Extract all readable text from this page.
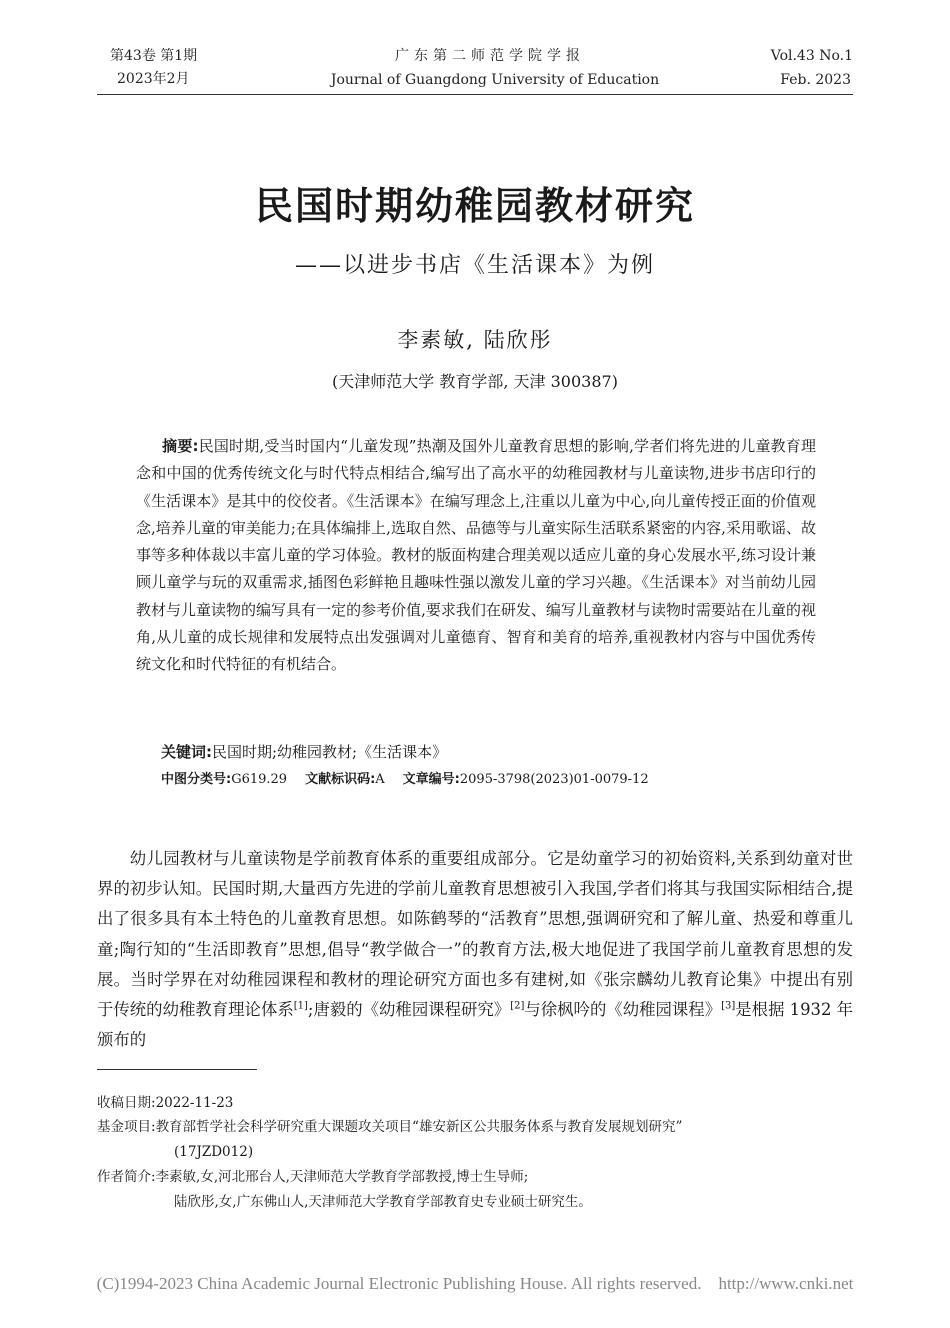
第43卷 第1期
2023年2月
广东第二师范学院学报
Journal of Guangdong University of Education
Vol.43 No.1
Feb. 2023
民国时期幼稚园教材研究
——以进步书店《生活课本》为例
李素敏, 陆欣彤
(天津师范大学 教育学部, 天津 300387)
摘要:民国时期,受当时国内“儿童发现”热潮及国外儿童教育思想的影响,学者们将先进的儿童教育理念和中国的优秀传统文化与时代特点相结合,编写出了高水平的幼稚园教材与儿童读物,进步书店印行的《生活课本》是其中的佼佼者。《生活课本》在编写理念上,注重以儿童为中心,向儿童传授正面的价值观念,培养儿童的审美能力;在具体编排上,选取自然、品德等与儿童实际生活联系紧密的内容,采用歌谣、故事等多种体裁以丰富儿童的学习体验。教材的版面构建合理美观以适应儿童的身心发展水平,练习设计兼顾儿童学与玩的双重需求,插图色彩鲜艳且趣味性强以激发儿童的学习兴趣。《生活课本》对当前幼儿园教材与儿童读物的编写具有一定的参考价值,要求我们在研发、编写儿童教材与读物时需要站在儿童的视角,从儿童的成长规律和发展特点出发强调对儿童德育、智育和美育的培养,重视教材内容与中国优秀传统文化和时代特征的有机结合。
关键词:民国时期;幼稚园教材;《生活课本》
中图分类号:G619.29 文献标识码:A 文章编号:2095-3798(2023)01-0079-12
幼儿园教材与儿童读物是学前教育体系的重要组成部分。它是幼童学习的初始资料,关系到幼童对世界的初步认知。民国时期,大量西方先进的学前儿童教育思想被引入我国,学者们将其与我国实际相结合,提出了很多具有本土特色的儿童教育思想。如陈鹤琴的“活教育”思想,强调研究和了解儿童、热爱和尊重儿童;陶行知的“生活即教育”思想,倡导“教学做合一”的教育方法,极大地促进了我国学前儿童教育思想的发展。当时学界在对幼稚园课程和教材的理论研究方面也多有建树,如《张宗麟幼儿教育论集》中提出有别于传统的幼稚教育理论体系[1];唐毅的《幼稚园课程研究》[2]与徐枫吟的《幼稚园课程》[3]是根据 1932 年颁布的
收稿日期:2022-11-23
基金项目:教育部哲学社会科学研究重大课题攻关项目“雄安新区公共服务体系与教育发展规划研究”
(17JZD012)
作者简介:李素敏,女,河北邢台人,天津师范大学教育学部教授,博士生导师;
陆欣彤,女,广东佛山人,天津师范大学教育学部教育史专业硕士研究生。
(C)1994-2023 China Academic Journal Electronic Publishing House. All rights reserved.    http://www.cnki.net
